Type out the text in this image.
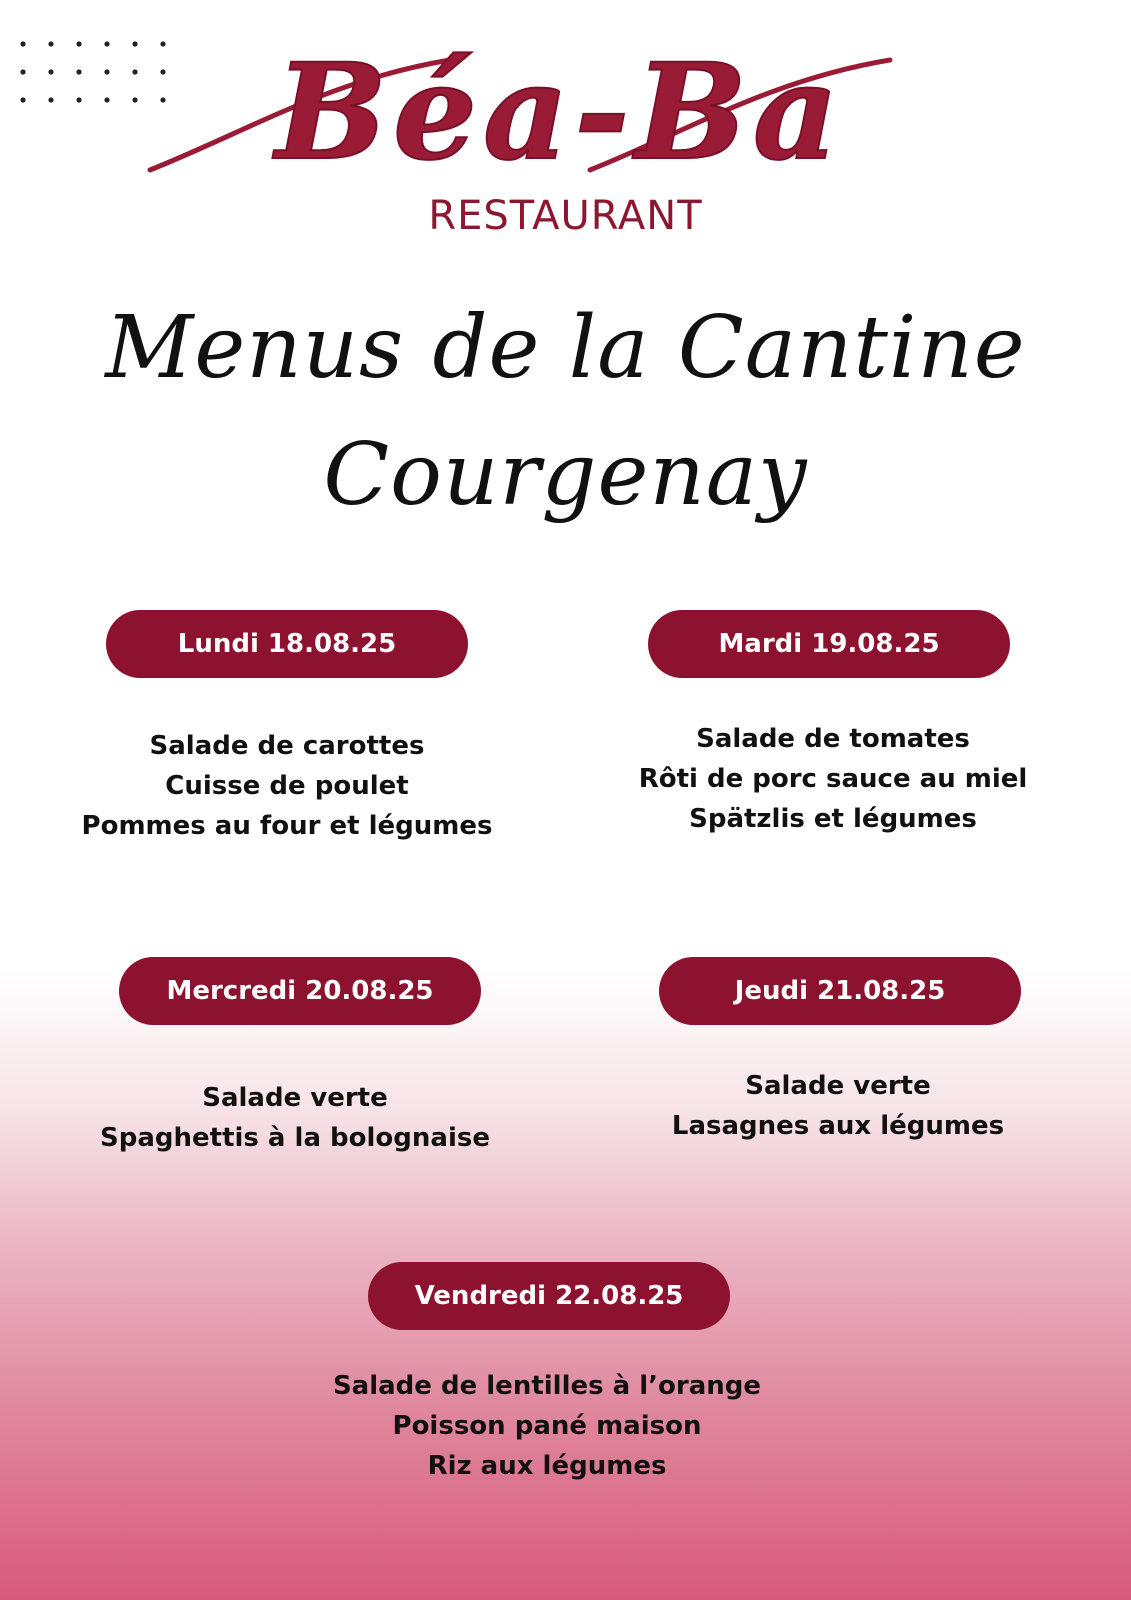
Béa-Ba
RESTAURANT
Menus de la Cantine
Courgenay
Lundi 18.08.25
Salade de carottes
Cuisse de poulet
Pommes au four et légumes
Mardi 19.08.25
Salade de tomates
Rôti de porc sauce au miel
Spätzlis et légumes
Mercredi 20.08.25
Salade verte
Spaghettis à la bolognaise
Jeudi 21.08.25
Salade verte
Lasagnes aux légumes
Vendredi 22.08.25
Salade de lentilles à l’orange
Poisson pané maison
Riz aux légumes
